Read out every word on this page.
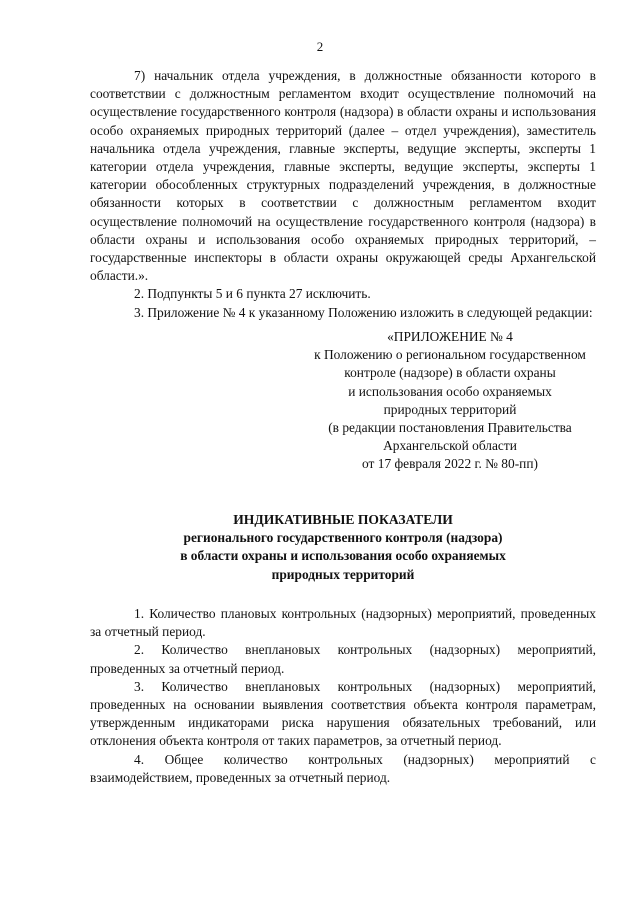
2

7) начальник отдела учреждения, в должностные обязанности которого в соответствии с должностным регламентом входит осуществление полномочий на осуществление государственного контроля (надзора) в области охраны и использования особо охраняемых природных территорий (далее – отдел учреждения), заместитель начальника отдела учреждения, главные эксперты, ведущие эксперты, эксперты 1 категории отдела учреждения, главные эксперты, ведущие эксперты, эксперты 1 категории обособленных структурных подразделений учреждения, в должностные обязанности которых в соответствии с должностным регламентом входит осуществление полномочий на осуществление государственного контроля (надзора) в области охраны и использования особо охраняемых природных территорий, – государственные инспекторы в области охраны окружающей среды Архангельской области.».

2. Подпункты 5 и 6 пункта 27 исключить.

3. Приложение № 4 к указанному Положению изложить в следующей редакции:

«ПРИЛОЖЕНИЕ № 4
к Положению о региональном государственном
контроле (надзоре) в области охраны
и использования особо охраняемых
природных территорий
(в редакции постановления Правительства
Архангельской области
от 17 февраля 2022 г. № 80-пп)
ИНДИКАТИВНЫЕ ПОКАЗАТЕЛИ
регионального государственного контроля (надзора)
в области охраны и использования особо охраняемых
природных территорий

1. Количество плановых контрольных (надзорных) мероприятий, проведенных за отчетный период.

2. Количество внеплановых контрольных (надзорных) мероприятий, проведенных за отчетный период.

3. Количество внеплановых контрольных (надзорных) мероприятий, проведенных на основании выявления соответствия объекта контроля параметрам, утвержденным индикаторами риска нарушения обязательных требований, или отклонения объекта контроля от таких параметров, за отчетный период.

4. Общее количество контрольных (надзорных) мероприятий с взаимодействием, проведенных за отчетный период.
